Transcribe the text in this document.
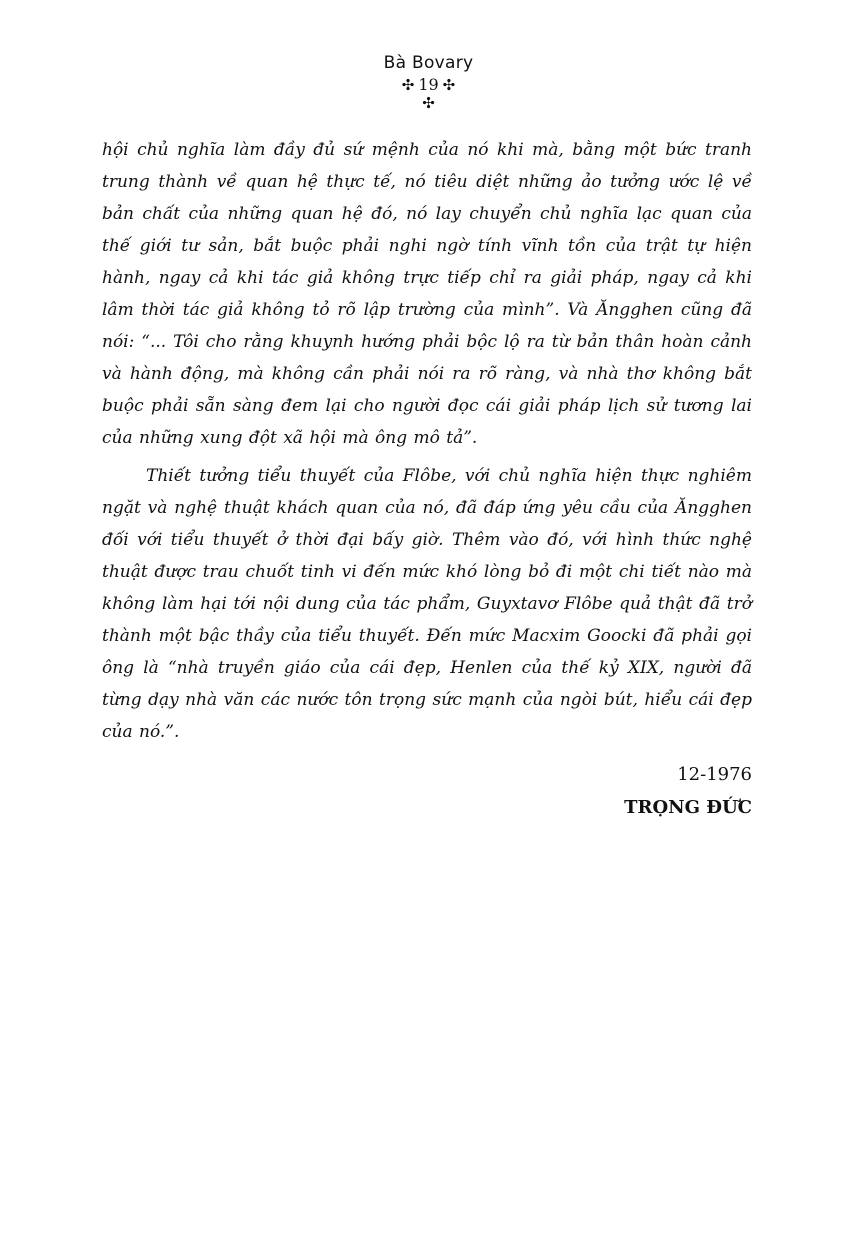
Bà Bovary
✣ 19 ✣
✣

hội chủ nghĩa làm đầy đủ sứ mệnh của nó khi mà, bằng một bức tranh trung thành về quan hệ thực tế, nó tiêu diệt những ảo tưởng ước lệ về bản chất của những quan hệ đó, nó lay chuyển chủ nghĩa lạc quan của thế giới tư sản, bắt buộc phải nghi ngờ tính vĩnh tồn của trật tự hiện hành, ngay cả khi tác giả không trực tiếp chỉ ra giải pháp, ngay cả khi lâm thời tác giả không tỏ rõ lập trường của mình”. Và Ăngghen cũng đã nói: “... Tôi cho rằng khuynh hướng phải bộc lộ ra từ bản thân hoàn cảnh và hành động, mà không cần phải nói ra rõ ràng, và nhà thơ không bắt buộc phải sẵn sàng đem lại cho người đọc cái giải pháp lịch sử tương lai của những xung đột xã hội mà ông mô tả”.

Thiết tưởng tiểu thuyết của Flôbe, với chủ nghĩa hiện thực nghiêm ngặt và nghệ thuật khách quan của nó, đã đáp ứng yêu cầu của Ăngghen đối với tiểu thuyết ở thời đại bấy giờ. Thêm vào đó, với hình thức nghệ thuật được trau chuốt tinh vi đến mức khó lòng bỏ đi một chi tiết nào mà không làm hại tới nội dung của tác phẩm, Guyxtavơ Flôbe quả thật đã trở thành một bậc thầy của tiểu thuyết. Đến mức Macxim Goocki đã phải gọi ông là “nhà truyền giáo của cái đẹp, Henlen của thế kỷ XIX, người đã từng dạy nhà văn các nước tôn trọng sức mạnh của ngòi bút, hiểu cái đẹp của nó.”.

12-1976
TRỌNG ĐỨC
